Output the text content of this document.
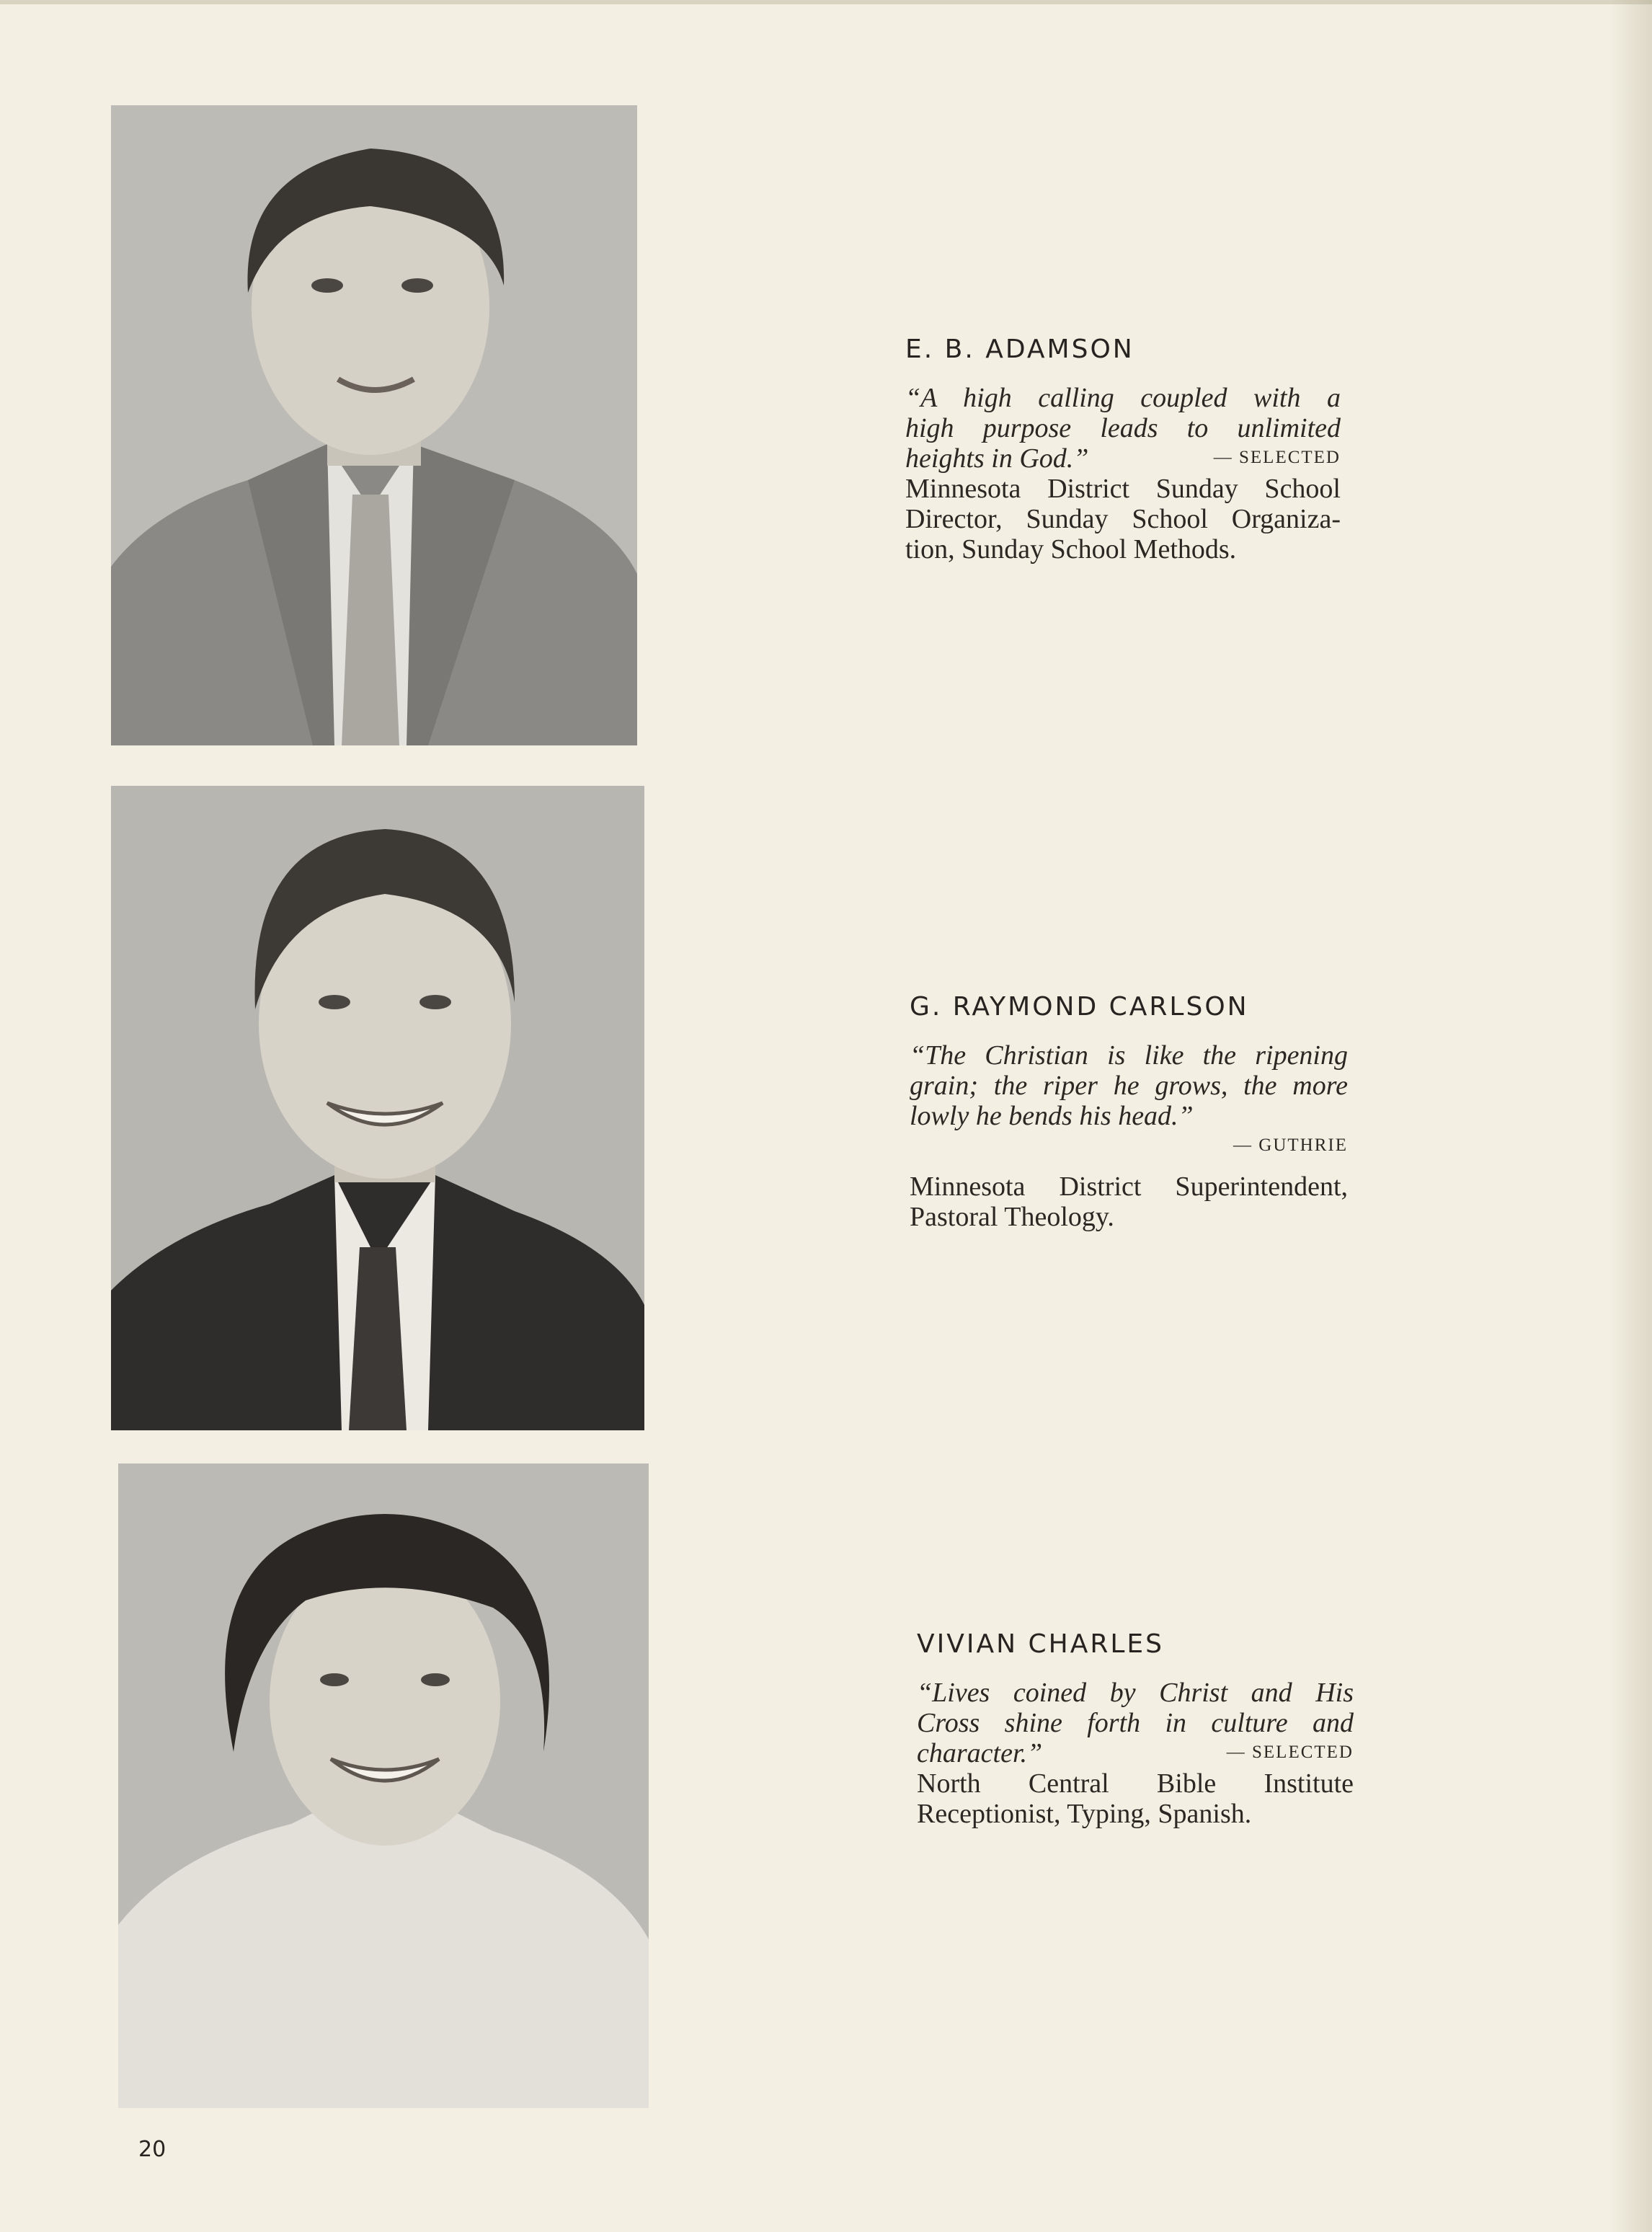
E. B. ADAMSON

“A high calling coupled with a

high purpose leads to unlimited

heights in God.”	— SELECTED

Minnesota District Sunday School

Director, Sunday School Organiza-

tion, Sunday School Methods.

G. RAYMOND CARLSON

“The Christian is like the ripening

grain; the riper he grows, the more

lowly he bends his head.”

— GUTHRIE

Minnesota District Superintendent,

Pastoral Theology.

VIVIAN CHARLES

“Lives coined by Christ and His

Cross shine forth in culture and

character.”	— SELECTED

North Central Bible Institute

Receptionist, Typing, Spanish.

20
